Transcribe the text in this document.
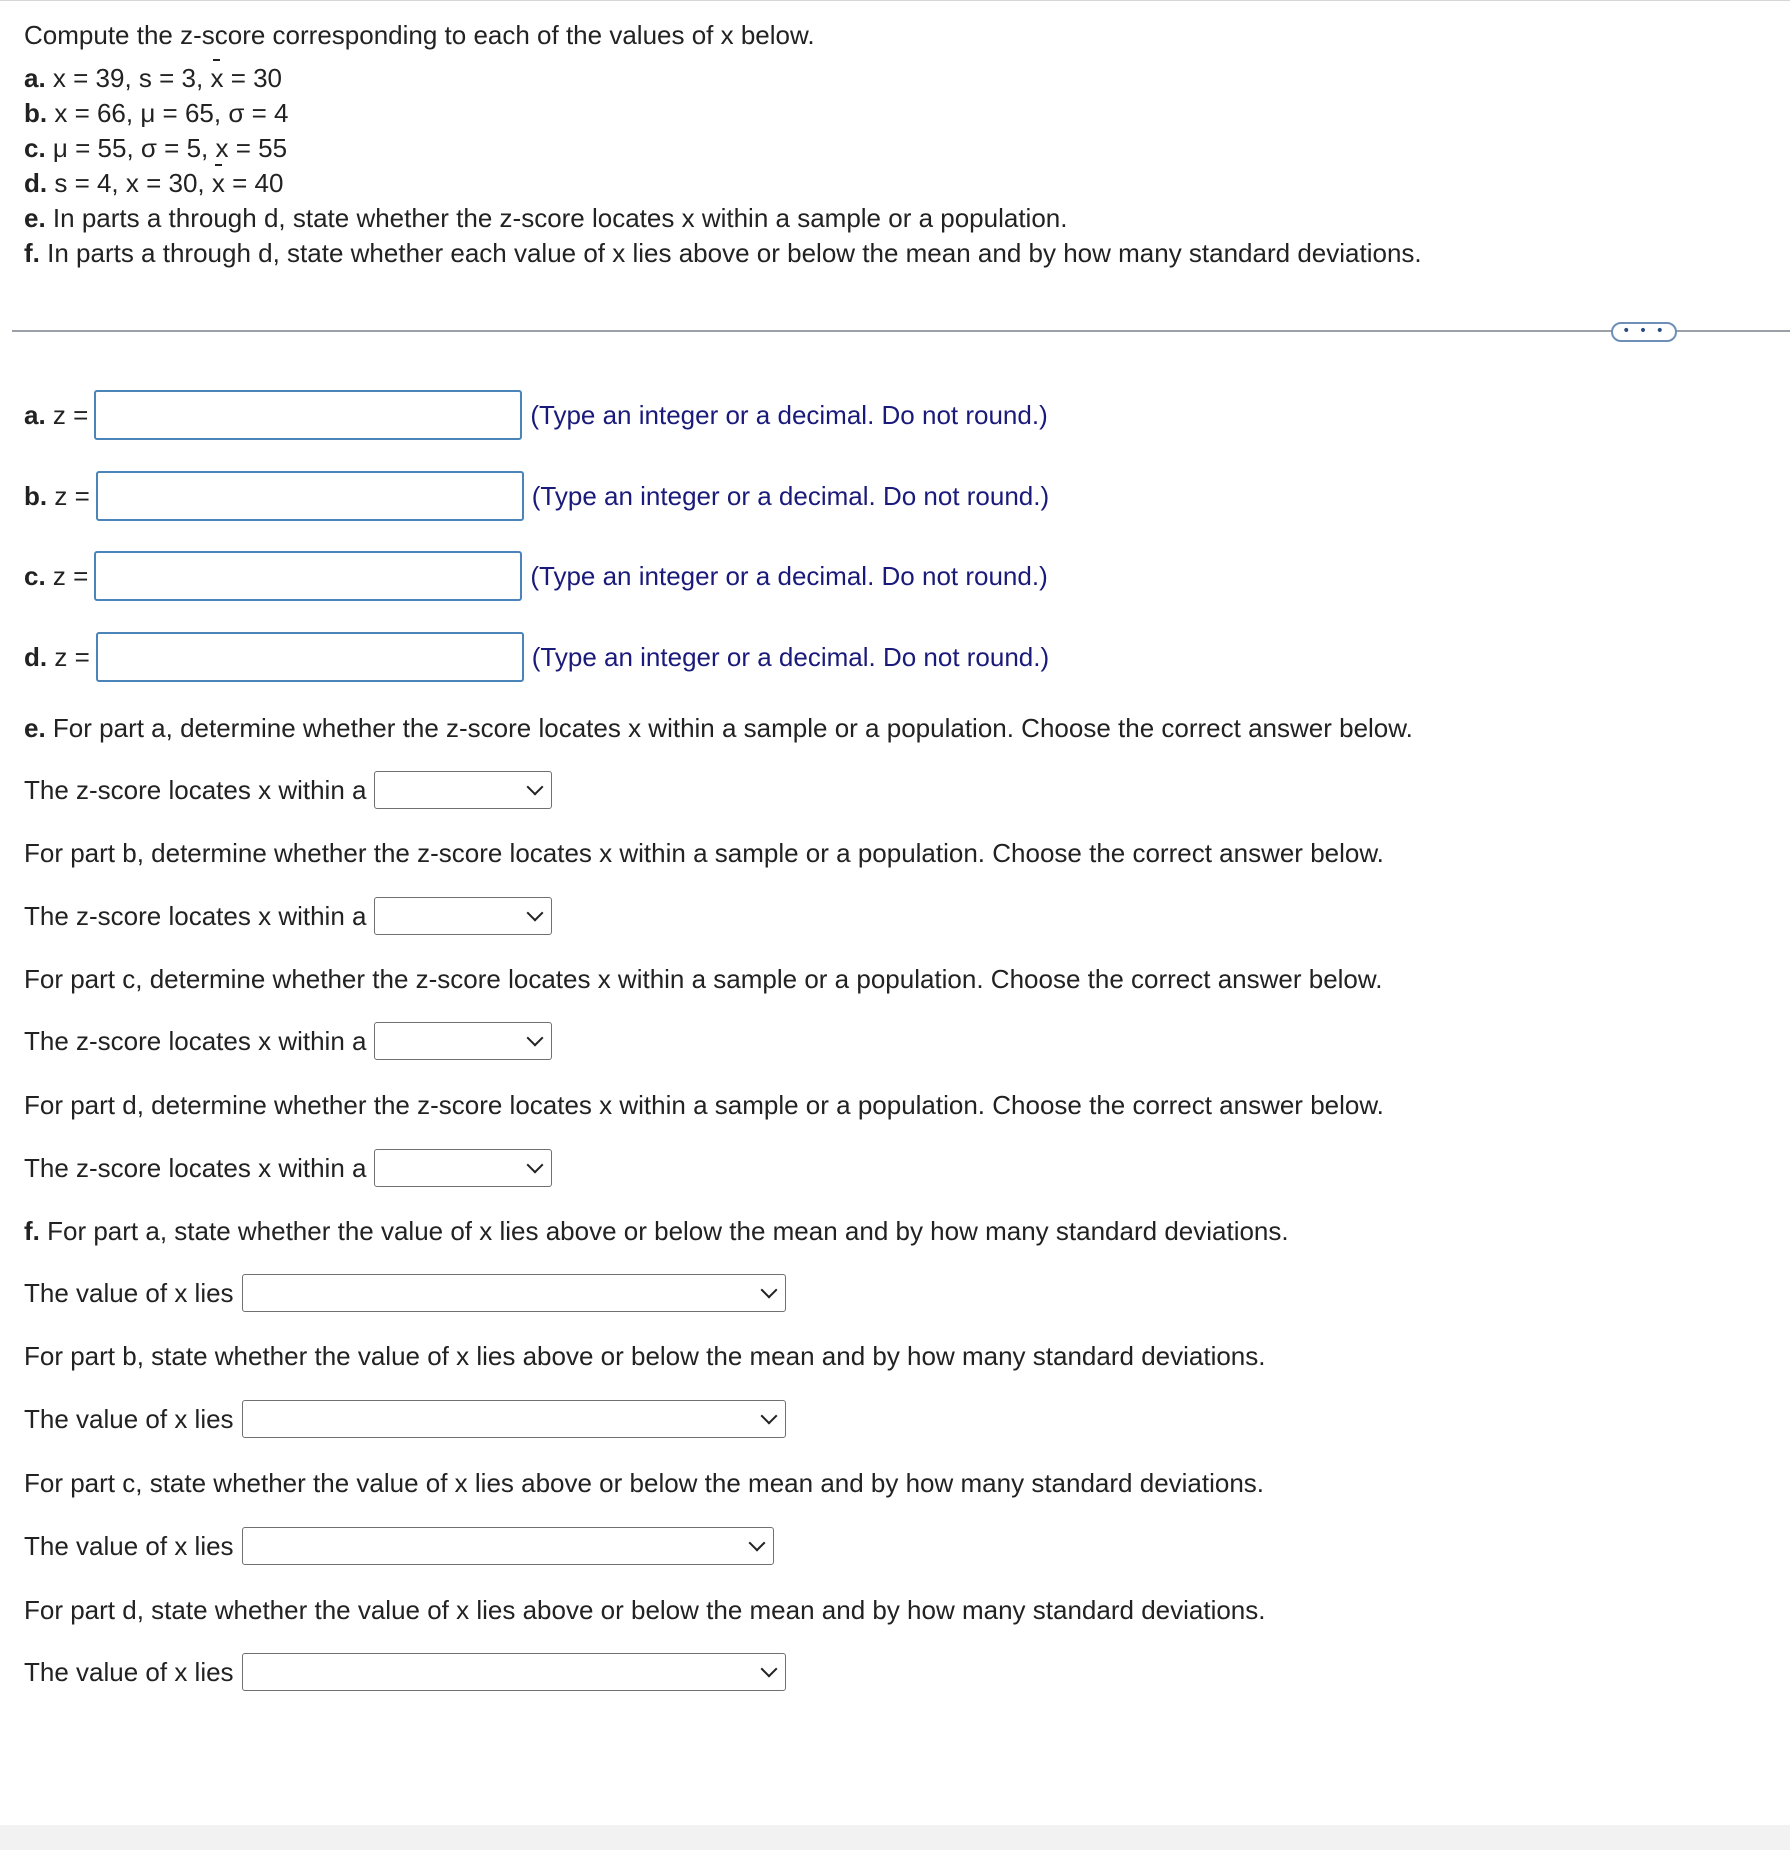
Compute the z-score corresponding to each of the values of x below.
a. x = 39, s = 3, x = 30
b. x = 66, μ = 65, σ = 4
c. μ = 55, σ = 5, x = 55
d. s = 4, x = 30, x = 40
e. In parts a through d, state whether the z-score locates x within a sample or a population.
f. In parts a through d, state whether each value of x lies above or below the mean and by how many standard deviations.
• • •
a.
z =	(Type an integer or a decimal. Do not round.)
b.
z =	(Type an integer or a decimal. Do not round.)
c.
z =	(Type an integer or a decimal. Do not round.)
d.
z =	(Type an integer or a decimal. Do not round.)
e. For part a, determine whether the z-score locates x within a sample or a population. Choose the correct answer below.
The z-score locates x within a
For part b, determine whether the z-score locates x within a sample or a population. Choose the correct answer below.
The z-score locates x within a
For part c, determine whether the z-score locates x within a sample or a population. Choose the correct answer below.
The z-score locates x within a
For part d, determine whether the z-score locates x within a sample or a population. Choose the correct answer below.
The z-score locates x within a
f. For part a, state whether the value of x lies above or below the mean and by how many standard deviations.
The value of x lies
For part b, state whether the value of x lies above or below the mean and by how many standard deviations.
The value of x lies
For part c, state whether the value of x lies above or below the mean and by how many standard deviations.
The value of x lies
For part d, state whether the value of x lies above or below the mean and by how many standard deviations.
The value of x lies
